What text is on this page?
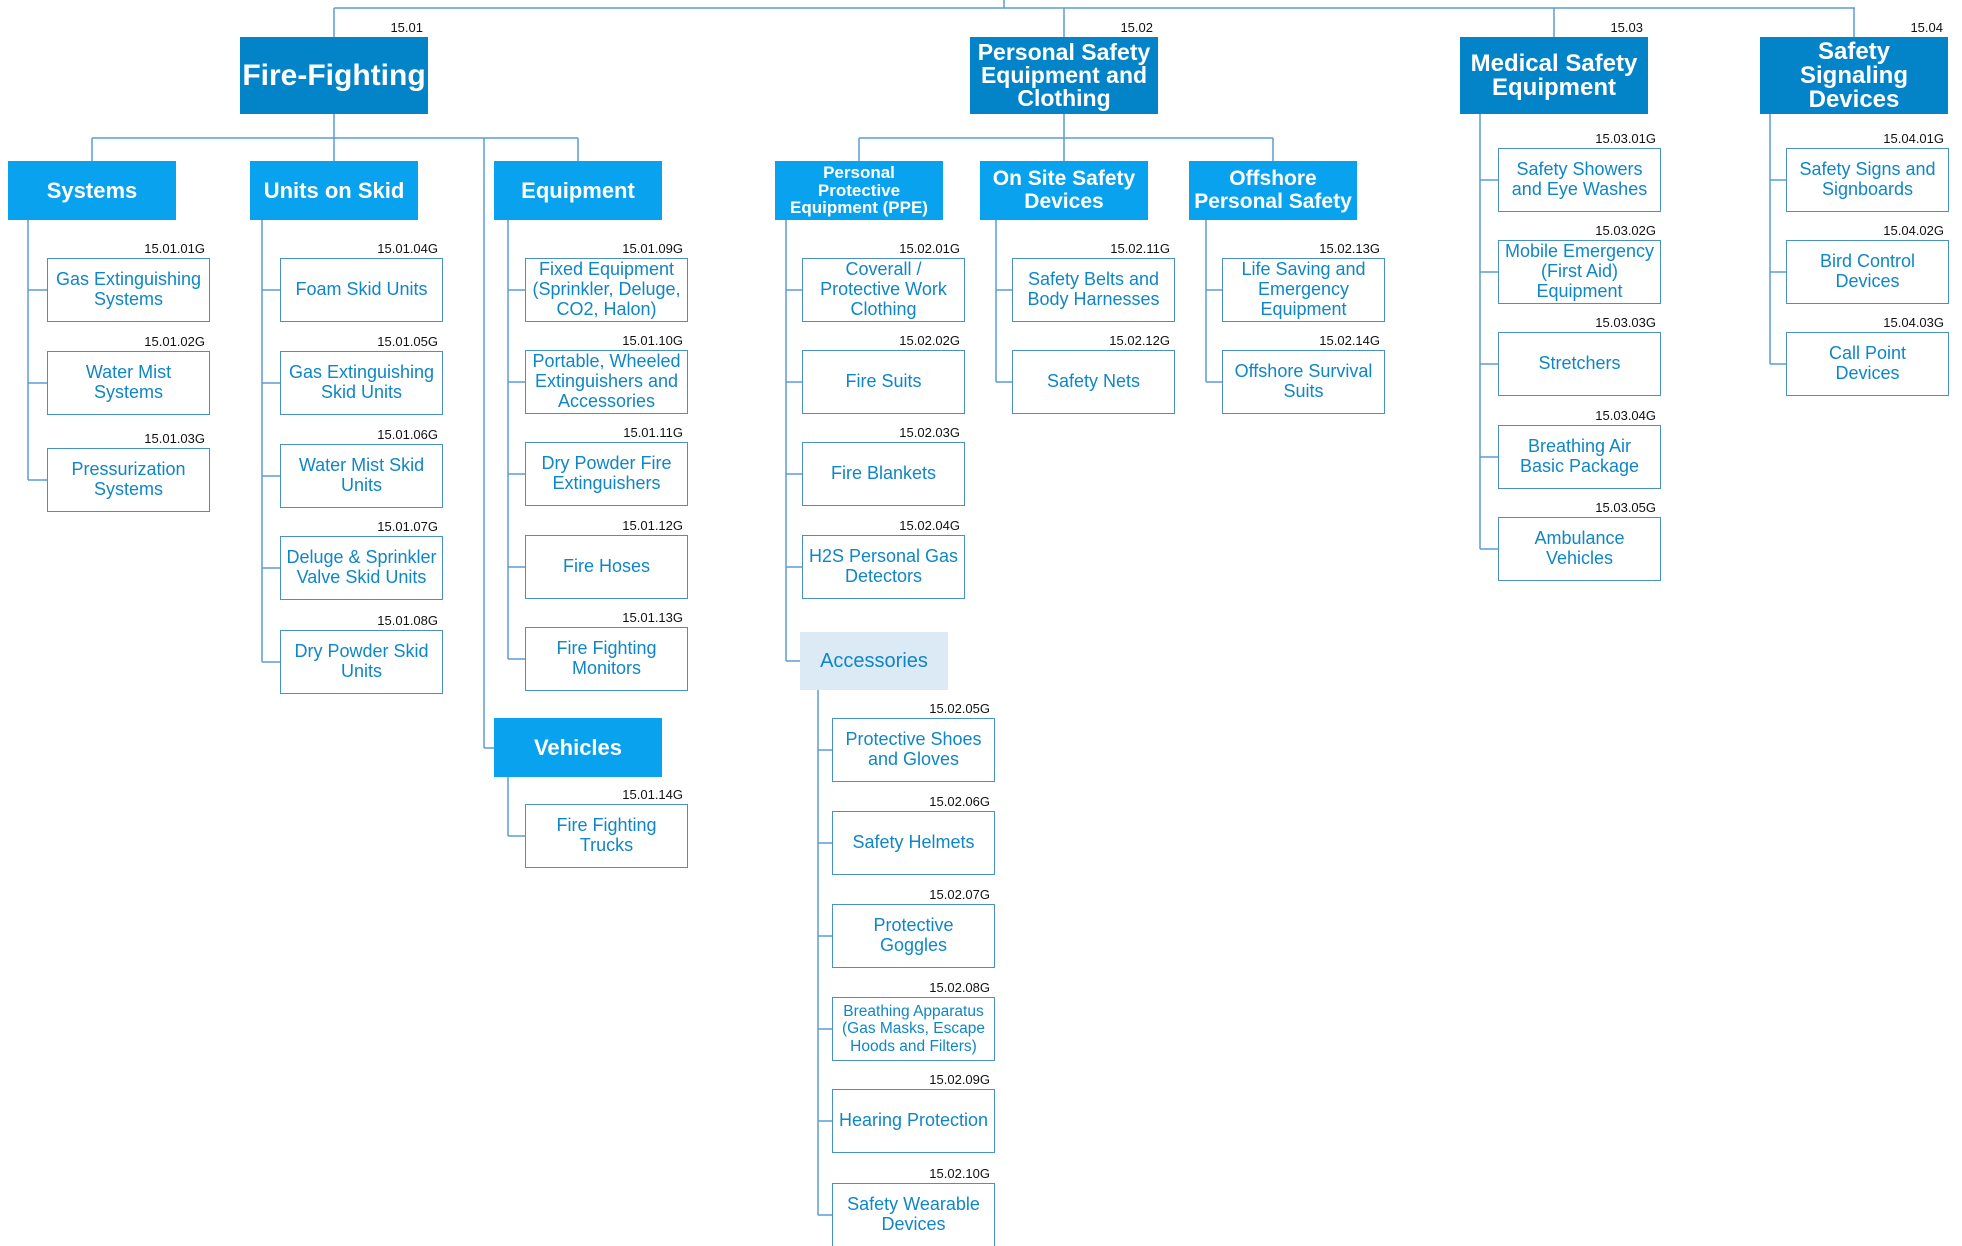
Fire-Fighting
15.01
Personal Safety
Equipment and
Clothing
15.02
Medical Safety
Equipment
15.03
Safety
Signaling
Devices
15.04
Systems	Units on Skid	Equipment
Vehicles
Personal
Protective
Equipment (PPE)
On Site Safety
Devices
Offshore
Personal Safety
Accessories
Gas Extinguishing
Systems
15.01.01G
Water Mist
Systems
15.01.02G
Pressurization
Systems
15.01.03G
Foam Skid Units
15.01.04G
Gas Extinguishing
Skid Units
15.01.05G
Water Mist Skid
Units
15.01.06G
Deluge & Sprinkler
Valve Skid Units
15.01.07G
Dry Powder Skid
Units
15.01.08G
Fixed Equipment
(Sprinkler, Deluge,
CO2, Halon)
15.01.09G
Portable, Wheeled
Extinguishers and
Accessories
15.01.10G
Dry Powder Fire
Extinguishers
15.01.11G
Fire Hoses
15.01.12G
Fire Fighting
Monitors
15.01.13G
Fire Fighting
Trucks
15.01.14G
Coverall /
Protective Work
Clothing
15.02.01G
Fire Suits
15.02.02G
Fire Blankets
15.02.03G
H2S Personal Gas
Detectors
15.02.04G
Protective Shoes
and Gloves
15.02.05G
Safety Helmets
15.02.06G
Protective
Goggles
15.02.07G
Breathing Apparatus
(Gas Masks, Escape
Hoods and Filters)
15.02.08G
Hearing Protection
15.02.09G
Safety Wearable
Devices
15.02.10G
Safety Belts and
Body Harnesses
15.02.11G
Safety Nets
15.02.12G
Life Saving and
Emergency
Equipment
15.02.13G
Offshore Survival
Suits
15.02.14G
Safety Showers
and Eye Washes
15.03.01G
Mobile Emergency
(First Aid)
Equipment
15.03.02G
Stretchers
15.03.03G
Breathing Air
Basic Package
15.03.04G
Ambulance
Vehicles
15.03.05G
Safety Signs and
Signboards
15.04.01G
Bird Control
Devices
15.04.02G
Call Point
Devices
15.04.03G
